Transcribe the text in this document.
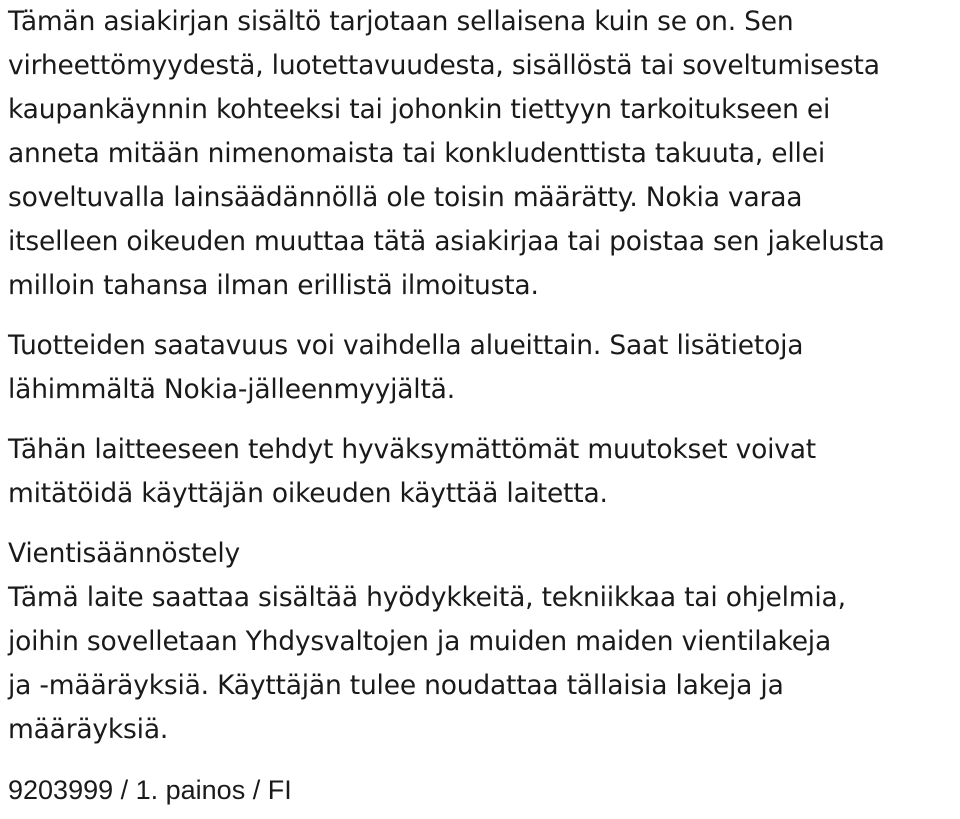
Tämän asiakirjan sisältö tarjotaan sellaisena kuin se on. Sen
virheettömyydestä, luotettavuudesta, sisällöstä tai soveltumisesta
kaupankäynnin kohteeksi tai johonkin tiettyyn tarkoitukseen ei
anneta mitään nimenomaista tai konkludenttista takuuta, ellei
soveltuvalla lainsäädännöllä ole toisin määrätty. Nokia varaa
itselleen oikeuden muuttaa tätä asiakirjaa tai poistaa sen jakelusta
milloin tahansa ilman erillistä ilmoitusta.
Tuotteiden saatavuus voi vaihdella alueittain. Saat lisätietoja
lähimmältä Nokia-jälleenmyyjältä.
Tähän laitteeseen tehdyt hyväksymättömät muutokset voivat
mitätöidä käyttäjän oikeuden käyttää laitetta.
Vientisäännöstely
Tämä laite saattaa sisältää hyödykkeitä, tekniikkaa tai ohjelmia,
joihin sovelletaan Yhdysvaltojen ja muiden maiden vientilakeja
ja -määräyksiä. Käyttäjän tulee noudattaa tällaisia lakeja ja
määräyksiä.
9203999 / 1. painos / FI
